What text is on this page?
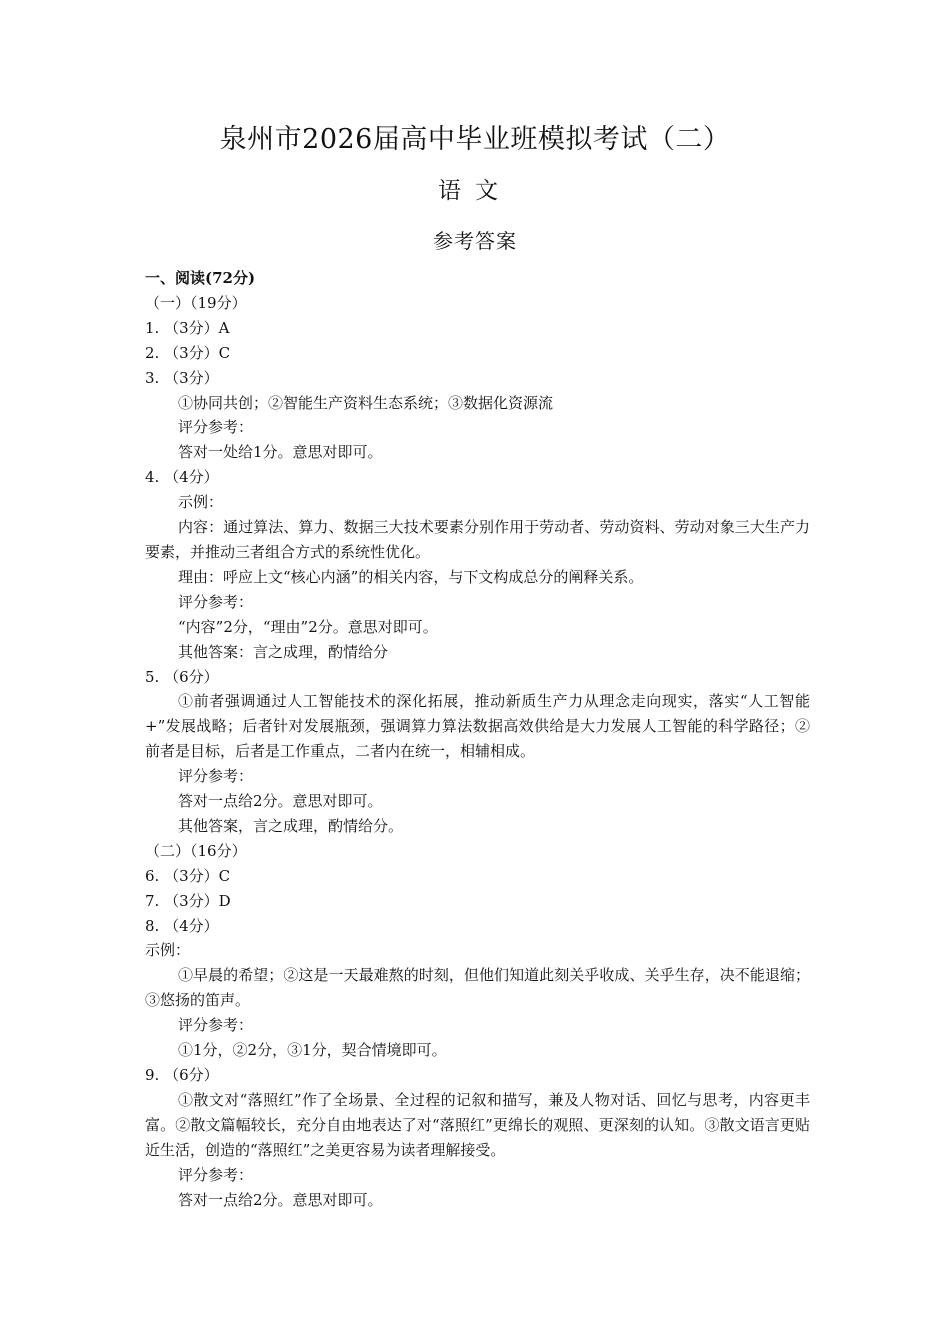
泉州市2026届高中毕业班模拟考试（二）
语文
参考答案
一、阅读(72分)
（一）（19分）
1. （3分）A
2. （3分）C
3. （3分）
①协同共创；②智能生产资料生态系统；③数据化资源流
评分参考：
答对一处给1分。意思对即可。
4. （4分）
示例：
内容：通过算法、算力、数据三大技术要素分别作用于劳动者、劳动资料、劳动对象三大生产力要素，并推动三者组合方式的系统性优化。
理由：呼应上文“核心内涵”的相关内容，与下文构成总分的阐释关系。
评分参考：
“内容”2分，“理由”2分。意思对即可。
其他答案：言之成理，酌情给分
5. （6分）
①前者强调通过人工智能技术的深化拓展，推动新质生产力从理念走向现实，落实“人工智能+”发展战略；后者针对发展瓶颈，强调算力算法数据高效供给是大力发展人工智能的科学路径；②前者是目标，后者是工作重点，二者内在统一，相辅相成。
评分参考：
答对一点给2分。意思对即可。
其他答案，言之成理，酌情给分。
（二）（16分）
6. （3分）C
7. （3分）D
8. （4分）
示例：
①早晨的希望；②这是一天最难熬的时刻，但他们知道此刻关乎收成、关乎生存，决不能退缩；③悠扬的笛声。
评分参考：
①1分，②2分，③1分，契合情境即可。
9. （6分）
①散文对“落照红”作了全场景、全过程的记叙和描写，兼及人物对话、回忆与思考，内容更丰富。②散文篇幅较长，充分自由地表达了对“落照红”更绵长的观照、更深刻的认知。③散文语言更贴近生活，创造的“落照红”之美更容易为读者理解接受。
评分参考：
答对一点给2分。意思对即可。
